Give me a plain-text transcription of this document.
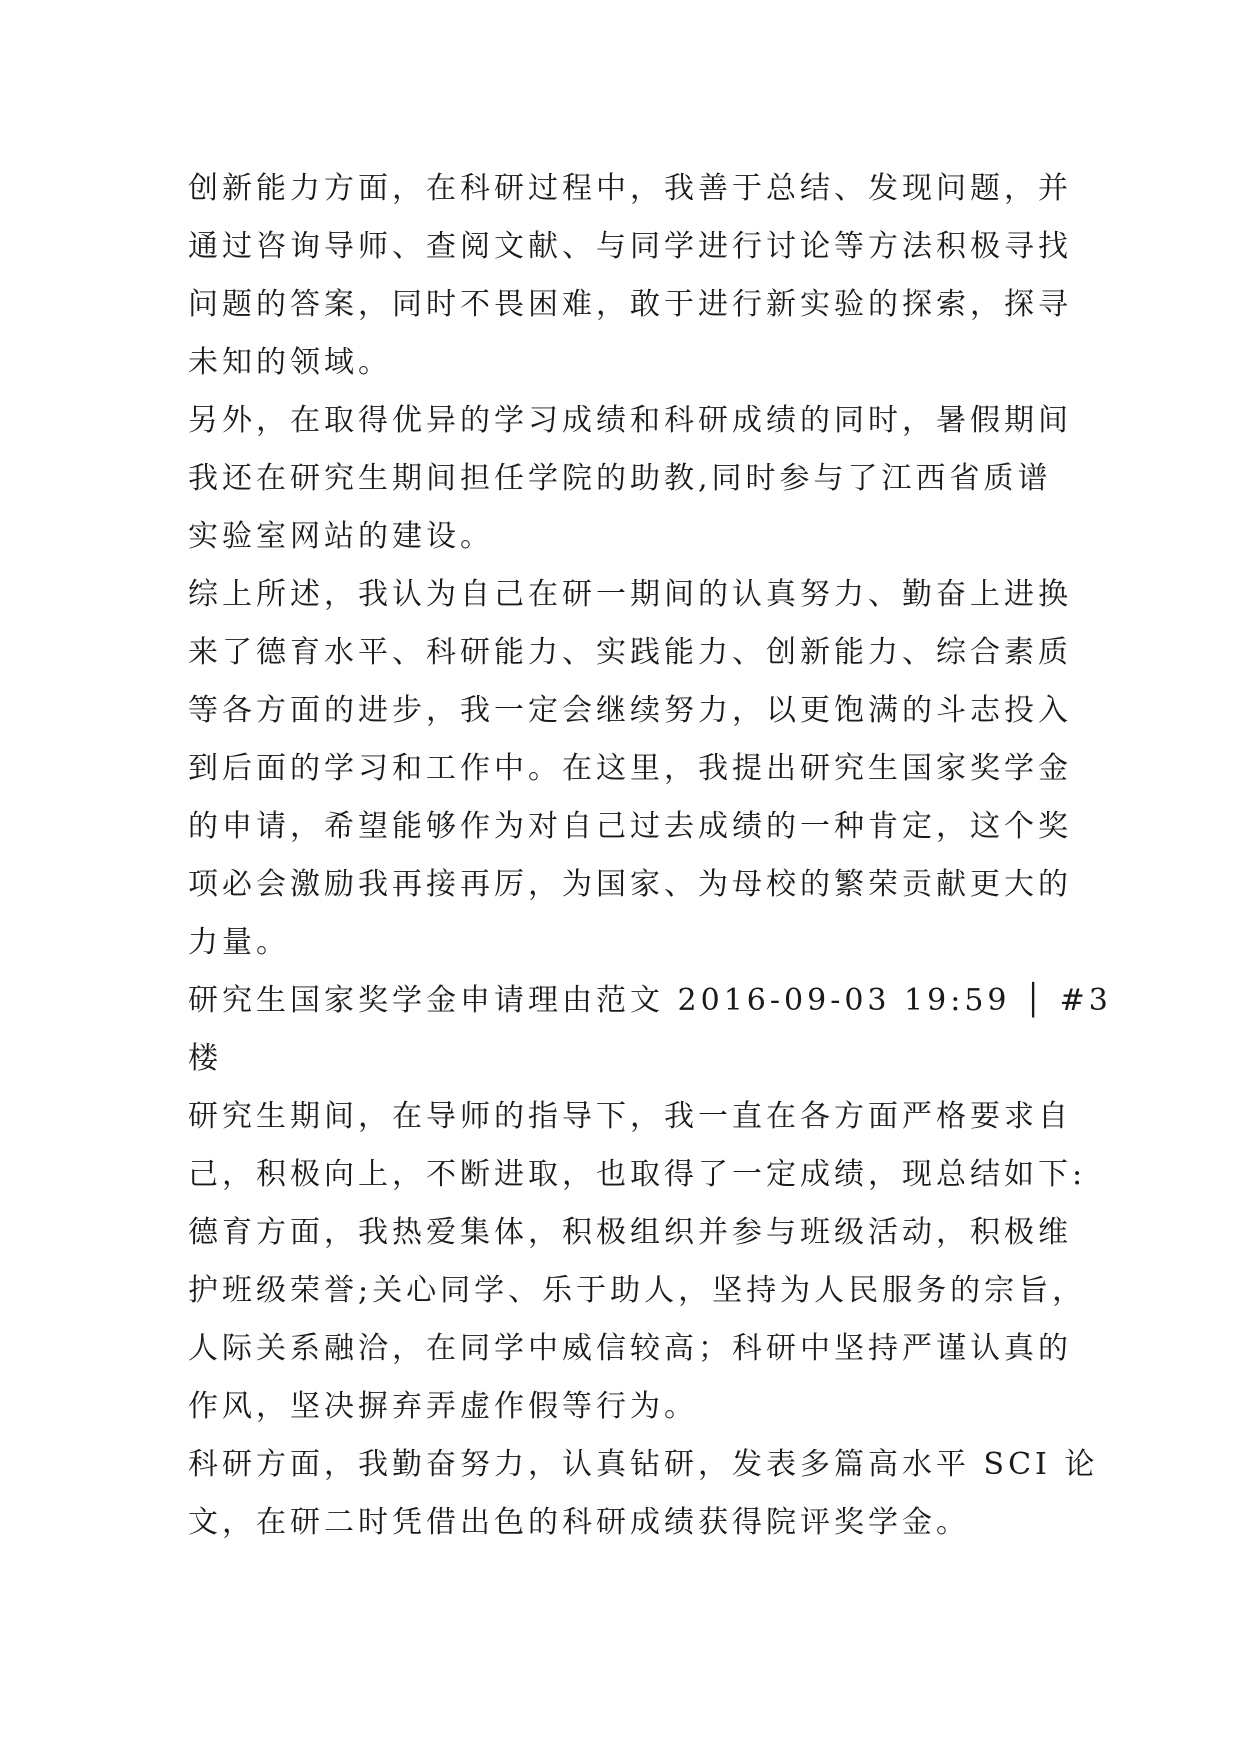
创新能力方面，在科研过程中，我善于总结、发现问题，并
通过咨询导师、查阅文献、与同学进行讨论等方法积极寻找
问题的答案，同时不畏困难，敢于进行新实验的探索，探寻
未知的领域。
另外，在取得优异的学习成绩和科研成绩的同时，暑假期间
我还在研究生期间担任学院的助教,同时参与了江西省质谱
实验室网站的建设。
综上所述，我认为自己在研一期间的认真努力、勤奋上进换
来了德育水平、科研能力、实践能力、创新能力、综合素质
等各方面的进步，我一定会继续努力，以更饱满的斗志投入
到后面的学习和工作中。在这里，我提出研究生国家奖学金
的申请，希望能够作为对自己过去成绩的一种肯定，这个奖
项必会激励我再接再厉，为国家、为母校的繁荣贡献更大的
力量。
研究生国家奖学金申请理由范文 2016-09-03 19:59 │ #3
楼
研究生期间，在导师的指导下，我一直在各方面严格要求自
己，积极向上，不断进取，也取得了一定成绩，现总结如下:
德育方面，我热爱集体，积极组织并参与班级活动，积极维
护班级荣誉;关心同学、乐于助人，坚持为人民服务的宗旨，
人际关系融洽，在同学中威信较高；科研中坚持严谨认真的
作风，坚决摒弃弄虚作假等行为。
科研方面，我勤奋努力，认真钻研，发表多篇高水平 SCI 论
文，在研二时凭借出色的科研成绩获得院评奖学金。
